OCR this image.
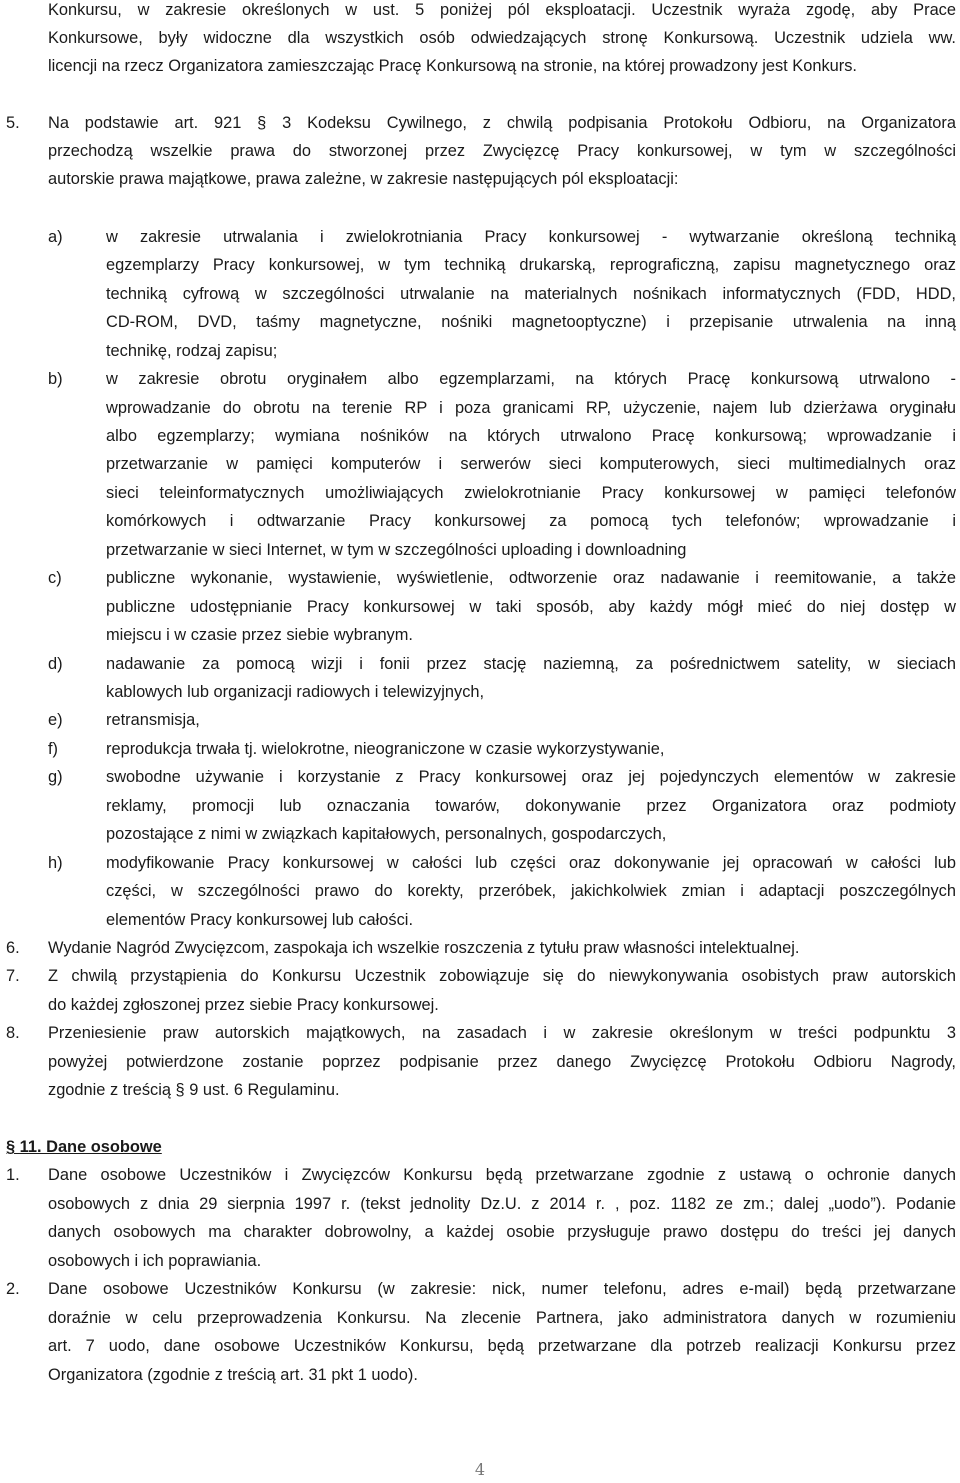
Konkursu, w zakresie określonych w ust. 5 poniżej pól eksploatacji. Uczestnik wyraża zgodę, aby Prace
Konkursowe, były widoczne dla wszystkich osób odwiedzających stronę Konkursową. Uczestnik udziela ww.
licencji na rzecz Organizatora zamieszczając Pracę Konkursową na stronie, na której prowadzony jest Konkurs.
5. Na podstawie art. 921 § 3 Kodeksu Cywilnego, z chwilą podpisania Protokołu Odbioru, na Organizatora
przechodzą wszelkie prawa do stworzonej przez Zwycięzcę Pracy konkursowej, w tym w szczególności
autorskie prawa majątkowe, prawa zależne, w zakresie następujących pól eksploatacji:
a)	w zakresie utrwalania i zwielokrotniania Pracy konkursowej - wytwarzanie określoną techniką
egzemplarzy Pracy konkursowej, w tym techniką drukarską, reprograficzną, zapisu magnetycznego oraz
techniką cyfrową w szczególności utrwalanie na materialnych nośnikach informatycznych (FDD, HDD,
CD-ROM, DVD, taśmy magnetyczne, nośniki magnetooptyczne) i przepisanie utrwalenia na inną
technikę, rodzaj zapisu;
b)	w zakresie obrotu oryginałem albo egzemplarzami, na których Pracę konkursową utrwalono -
wprowadzanie do obrotu na terenie RP i poza granicami RP, użyczenie, najem lub dzierżawa oryginału
albo egzemplarzy; wymiana nośników na których utrwalono Pracę konkursową; wprowadzanie i
przetwarzanie w pamięci komputerów i serwerów sieci komputerowych, sieci multimedialnych oraz
sieci teleinformatycznych umożliwiających zwielokrotnianie Pracy konkursowej w pamięci telefonów
komórkowych i odtwarzanie Pracy konkursowej za pomocą tych telefonów; wprowadzanie i
przetwarzanie w sieci Internet, w tym w szczególności uploading i downloadning
c)	publiczne wykonanie, wystawienie, wyświetlenie, odtworzenie oraz nadawanie i reemitowanie, a także
publiczne udostępnianie Pracy konkursowej w taki sposób, aby każdy mógł mieć do niej dostęp w
miejscu i w czasie przez siebie wybranym.
d)	nadawanie za pomocą wizji i fonii przez stację naziemną, za pośrednictwem satelity, w sieciach
kablowych lub organizacji radiowych i telewizyjnych,
e)	retransmisja,
f)	reprodukcja trwała tj. wielokrotne, nieograniczone w czasie wykorzystywanie,
g)	swobodne używanie i korzystanie z Pracy konkursowej oraz jej pojedynczych elementów w zakresie
reklamy, promocji lub oznaczania towarów, dokonywanie przez Organizatora oraz podmioty
pozostające z nimi w związkach kapitałowych, personalnych, gospodarczych,
h)	modyfikowanie Pracy konkursowej w całości lub części oraz dokonywanie jej opracowań w całości lub
części, w szczególności prawo do korekty, przeróbek, jakichkolwiek zmian i adaptacji poszczególnych
elementów Pracy konkursowej lub całości.
6. Wydanie Nagród Zwycięzcom, zaspokaja ich wszelkie roszczenia z tytułu praw własności intelektualnej.
7. Z chwilą przystąpienia do Konkursu Uczestnik zobowiązuje się do niewykonywania osobistych praw autorskich
do każdej zgłoszonej przez siebie Pracy konkursowej.
8. Przeniesienie praw autorskich majątkowych, na zasadach i w zakresie określonym w treści podpunktu 3
powyżej potwierdzone zostanie poprzez podpisanie przez danego Zwycięzcę Protokołu Odbioru Nagrody,
zgodnie z treścią § 9 ust. 6 Regulaminu.
§ 11. Dane osobowe
1. Dane osobowe Uczestników i Zwycięzców Konkursu będą przetwarzane zgodnie z ustawą o ochronie danych
osobowych z dnia 29 sierpnia 1997 r. (tekst jednolity Dz.U. z 2014 r. , poz. 1182 ze zm.; dalej „uodo”). Podanie
danych osobowych ma charakter dobrowolny, a każdej osobie przysługuje prawo dostępu do treści jej danych
osobowych i ich poprawiania.
2. Dane osobowe Uczestników Konkursu (w zakresie: nick, numer telefonu, adres e-mail) będą przetwarzane
doraźnie w celu przeprowadzenia Konkursu. Na zlecenie Partnera, jako administratora danych w rozumieniu
art. 7 uodo, dane osobowe Uczestników Konkursu, będą przetwarzane dla potrzeb realizacji Konkursu przez
Organizatora (zgodnie z treścią art. 31 pkt 1 uodo).
4
